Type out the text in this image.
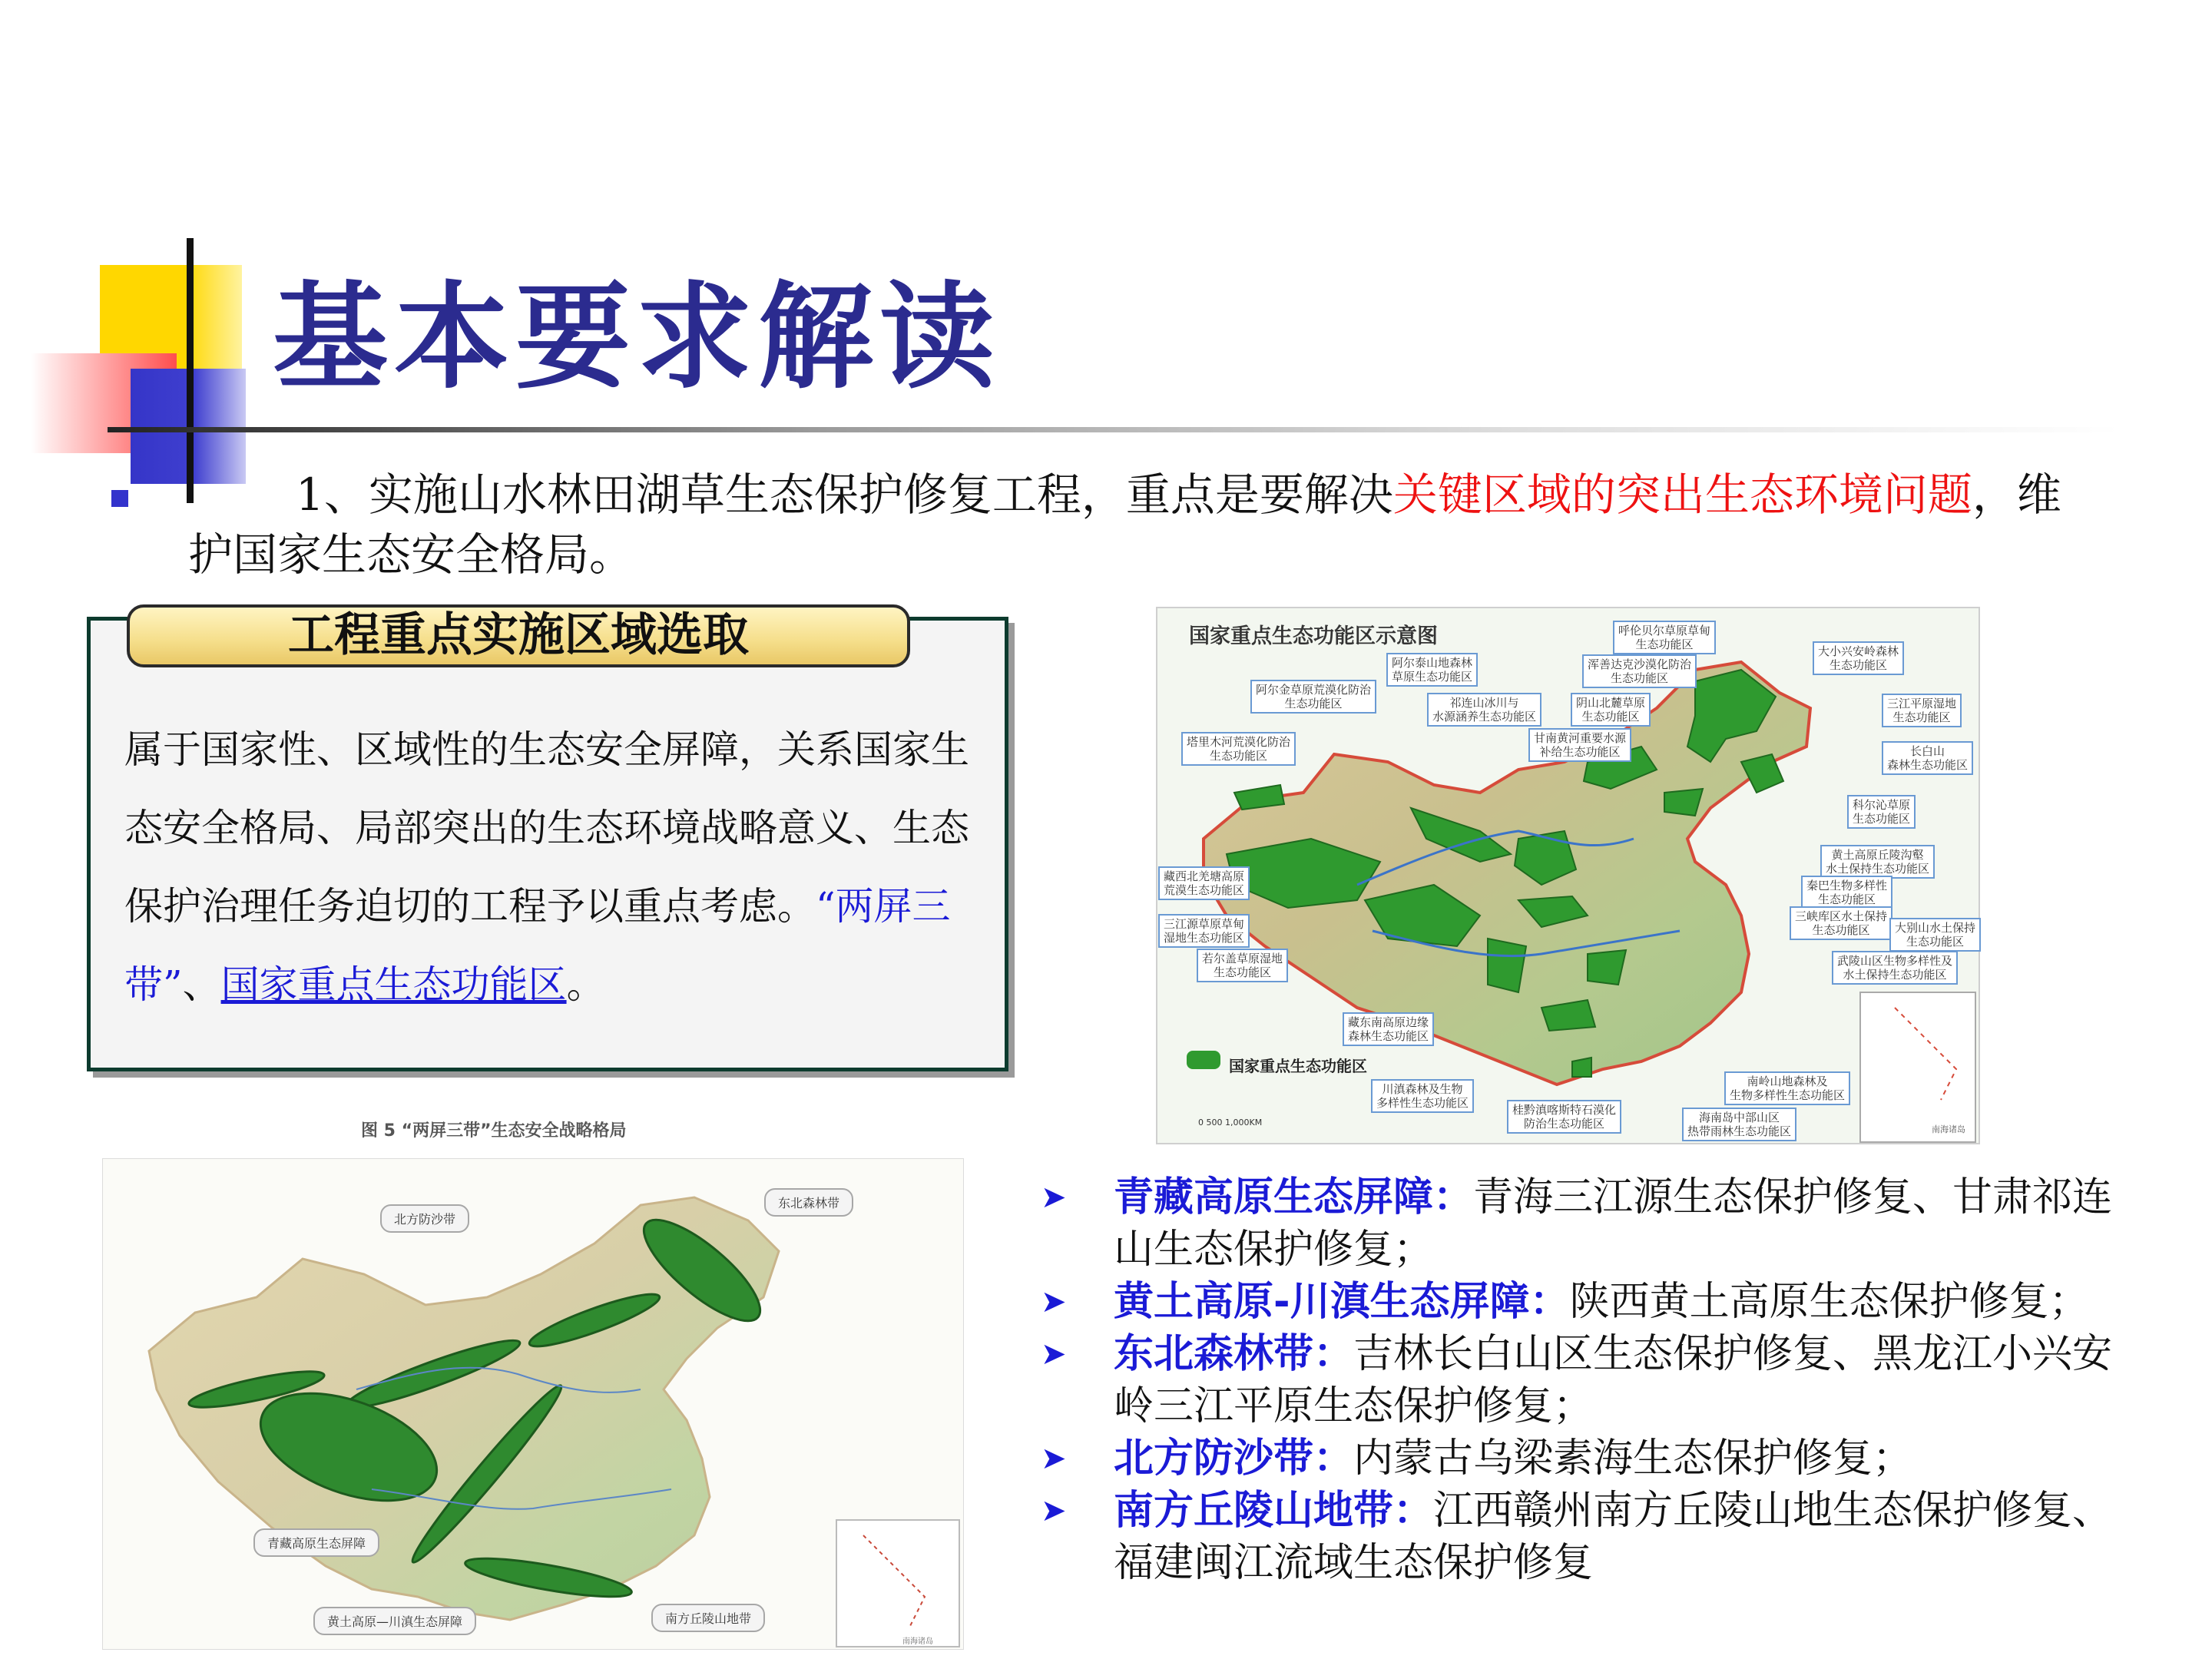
基本要求解读
1、实施山水林田湖草生态保护修复工程，重点是要解决关键区域的突出生态环境问题，维护国家生态安全格局。
工程重点实施区域选取
属于国家性、区域性的生态安全屏障，关系国家生态安全格局、局部突出的生态环境战略意义、生态保护治理任务迫切的工程予以重点考虑。“两屏三带”、国家重点生态功能区。
国家重点生态功能区示意图
国家重点生态功能区
0 500 1,000KM
南海诸岛
呼伦贝尔草原草甸
生态功能区	大小兴安岭森林
生态功能区
阿尔泰山地森林
草原生态功能区
浑善达克沙漠化防治
生态功能区
阿尔金草原荒漠化防治
生态功能区	祁连山冰川与
水源涵养生态功能区
阴山北麓草原
生态功能区
三江平原湿地
生态功能区
塔里木河荒漠化防治
生态功能区
甘南黄河重要水源
补给生态功能区	长白山
森林生态功能区
科尔沁草原
生态功能区
黄土高原丘陵沟壑
水土保持生态功能区
藏西北羌塘高原
荒漠生态功能区	秦巴生物多样性
生态功能区
三江源草原草甸
湿地生态功能区
三峡库区水土保持
生态功能区	大别山水土保持
生态功能区
若尔盖草原湿地
生态功能区
武陵山区生物多样性及
水土保持生态功能区
藏东南高原边缘
森林生态功能区
南岭山地森林及
生物多样性生态功能区
川滇森林及生物
多样性生态功能区	桂黔滇喀斯特石漠化
防治生态功能区	海南岛中部山区
热带雨林生态功能区
图 5 “两屏三带”生态安全战略格局
北方防沙带
东北森林带
青藏高原生态屏障
黄土高原—川滇生态屏障	南方丘陵山地带
南海诸岛
➤ 青藏高原生态屏障：青海三江源生态保护修复、甘肃祁连山生态保护修复；
➤ 黄土高原-川滇生态屏障：陕西黄土高原生态保护修复；
➤ 东北森林带：吉林长白山区生态保护修复、黑龙江小兴安岭三江平原生态保护修复；
➤ 北方防沙带：内蒙古乌梁素海生态保护修复；
➤ 南方丘陵山地带：江西赣州南方丘陵山地生态保护修复、福建闽江流域生态保护修复
